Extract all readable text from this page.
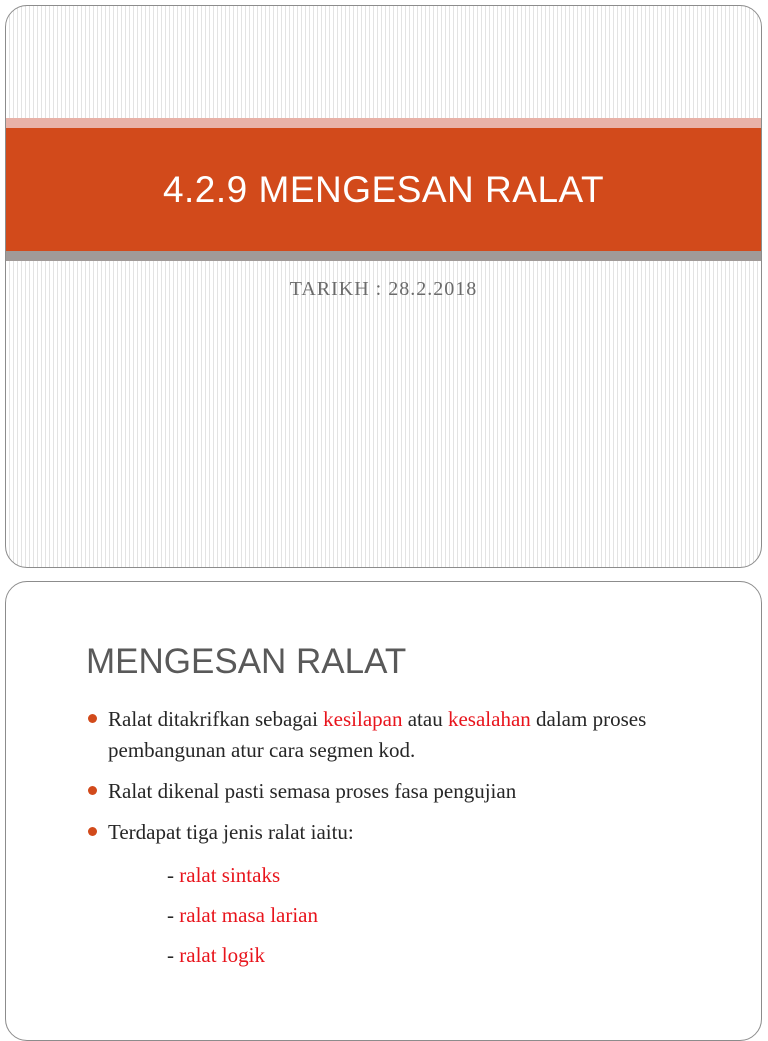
4.2.9 MENGESAN RALAT
TARIKH : 28.2.2018
MENGESAN RALAT
Ralat ditakrifkan sebagai kesilapan atau kesalahan dalam proses pembangunan atur cara segmen kod.
Ralat dikenal pasti semasa proses fasa pengujian
Terdapat tiga jenis ralat iaitu:
- ralat sintaks
- ralat masa larian
- ralat logik
